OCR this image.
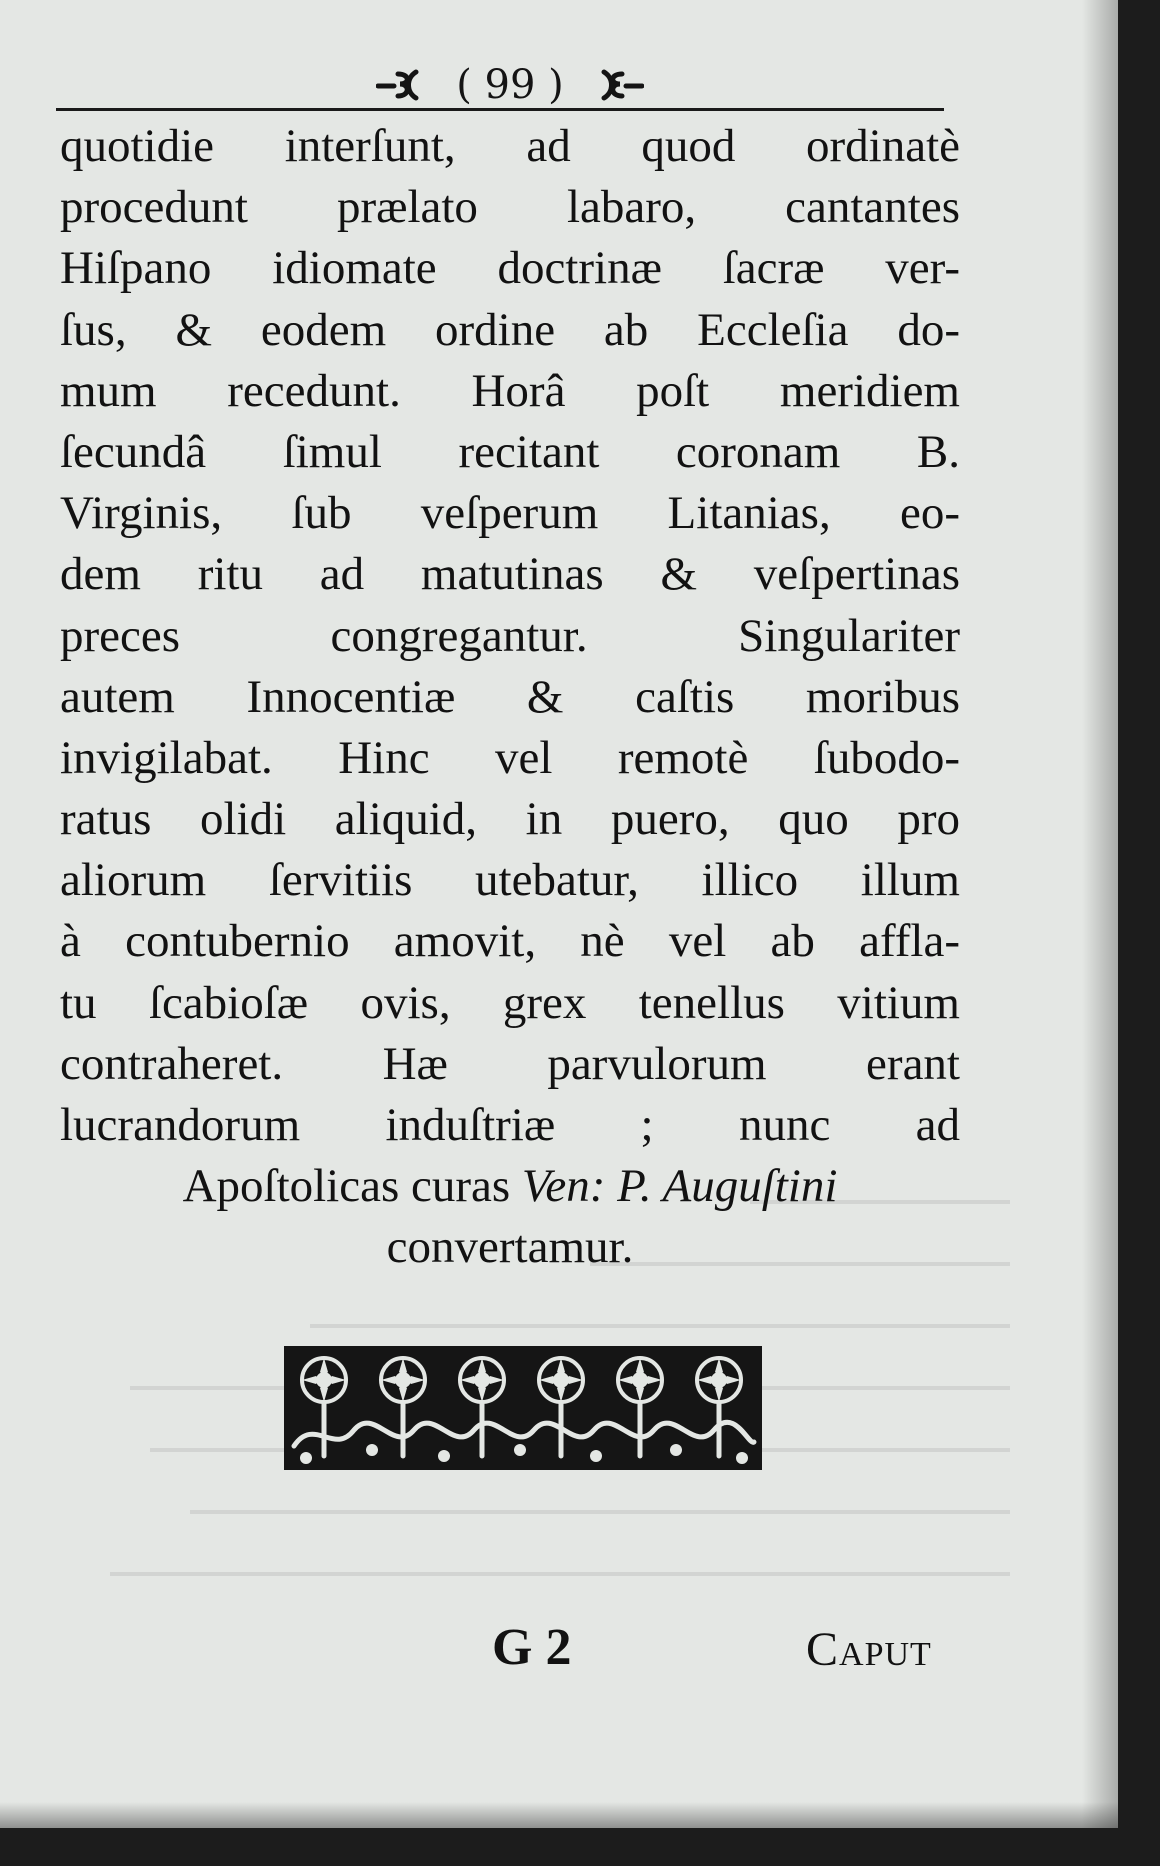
( 99 )
quotidie interſunt, ad quod ordinatè
procedunt prælato labaro, cantantes
Hiſpano idiomate doctrinæ ſacræ ver-
ſus, & eodem ordine ab Eccleſia do-
mum recedunt. Horâ poſt meridiem
ſecundâ ſimul recitant coronam B.
Virginis, ſub veſperum Litanias, eo-
dem ritu ad matutinas & veſpertinas
preces congregantur. Singulariter
autem Innocentiæ & caſtis moribus
invigilabat. Hinc vel remotè ſubodo-
ratus olidi aliquid, in puero, quo pro
aliorum ſervitiis utebatur, illico illum
à contubernio amovit, nè vel ab affla-
tu ſcabioſæ ovis, grex tenellus vitium
contraheret. Hæ parvulorum erant
lucrandorum induſtriæ ; nunc ad
Apoſtolicas curas Ven: P. Auguſtini
convertamur.
G 2	Caput
